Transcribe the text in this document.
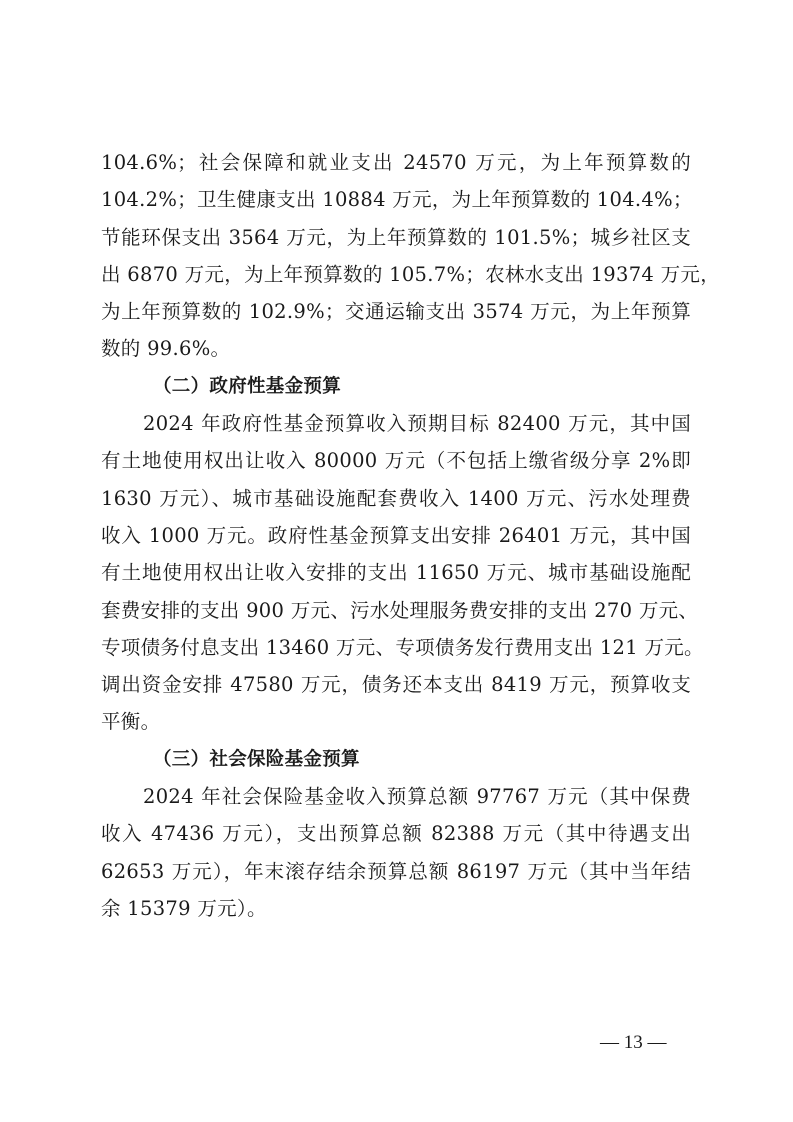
104.6%；社会保障和就业支出 24570 万元，为上年预算数的
104.2%；卫生健康支出 10884 万元，为上年预算数的 104.4%；
节能环保支出 3564 万元，为上年预算数的 101.5%；城乡社区支
出 6870 万元，为上年预算数的 105.7%；农林水支出 19374 万元，
为上年预算数的 102.9%；交通运输支出 3574 万元，为上年预算
数的 99.6%。
（二）政府性基金预算
2024 年政府性基金预算收入预期目标 82400 万元，其中国
有土地使用权出让收入 80000 万元（不包括上缴省级分享 2%即
1630 万元）、城市基础设施配套费收入 1400 万元、污水处理费
收入 1000 万元。政府性基金预算支出安排 26401 万元，其中国
有土地使用权出让收入安排的支出 11650 万元、城市基础设施配
套费安排的支出 900 万元、污水处理服务费安排的支出 270 万元、
专项债务付息支出 13460 万元、专项债务发行费用支出 121 万元。
调出资金安排 47580 万元，债务还本支出 8419 万元，预算收支
平衡。
（三）社会保险基金预算
2024 年社会保险基金收入预算总额 97767 万元（其中保费
收入 47436 万元），支出预算总额 82388 万元（其中待遇支出
62653 万元），年末滚存结余预算总额 86197 万元（其中当年结
余 15379 万元）。
— 13 —
